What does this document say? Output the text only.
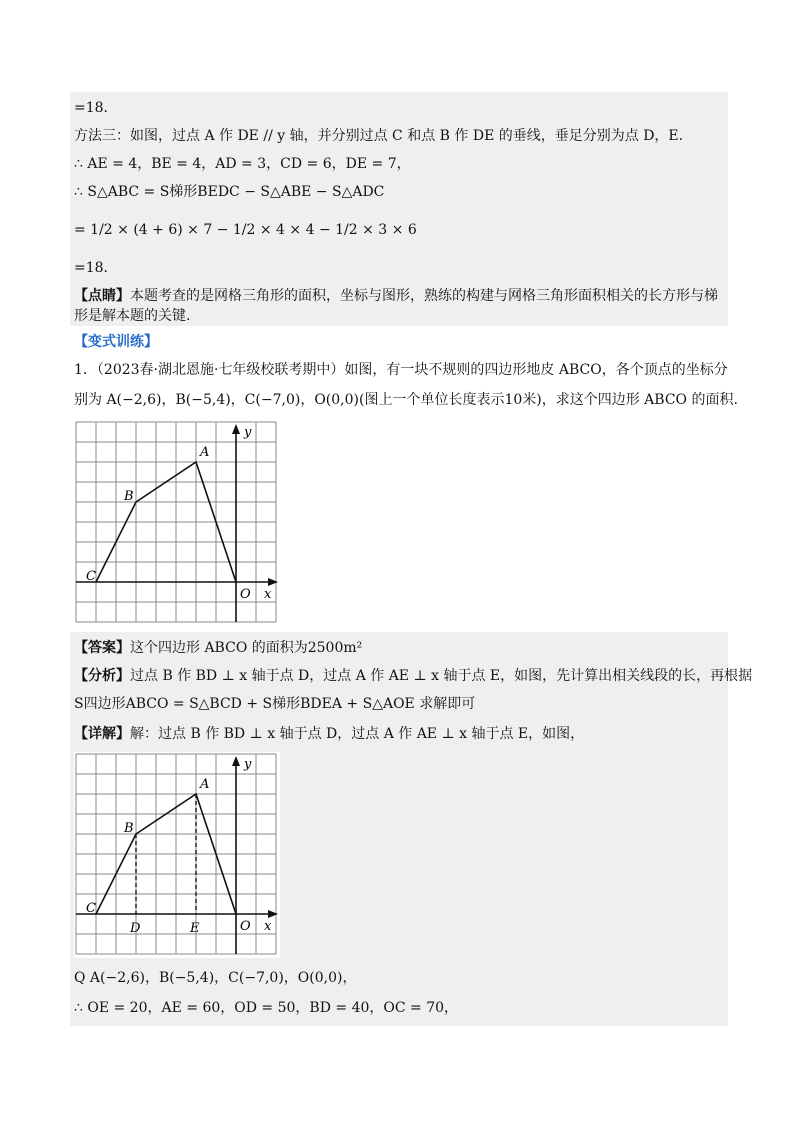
=18．
方法三：如图，过点 A 作 DE // y 轴，并分别过点 C 和点 B 作 DE 的垂线，垂足分别为点 D，E．
∴ AE = 4，BE = 4，AD = 3，CD = 6，DE = 7，
∴ S△ABC = S梯形BEDC − S△ABE − S△ADC
= 1/2 × (4 + 6) × 7 − 1/2 × 4 × 4 − 1/2 × 3 × 6
=18．
【点睛】本题考查的是网格三角形的面积，坐标与图形，熟练的构建与网格三角形面积相关的长方形与梯
形是解本题的关键.
【变式训练】
1．（2023春·湖北恩施·七年级校联考期中）如图，有一块不规则的四边形地皮 ABCO，各个顶点的坐标分
别为 A(−2,6)，B(−5,4)，C(−7,0)，O(0,0)(图上一个单位长度表示10米)，求这个四边形 ABCO 的面积.
A
B
C
O x
y
【答案】这个四边形 ABCO 的面积为2500m²
【分析】过点 B 作 BD ⊥ x 轴于点 D，过点 A 作 AE ⊥ x 轴于点 E，如图，先计算出相关线段的长，再根据
S四边形ABCO = S△BCD + S梯形BDEA + S△AOE 求解即可
【详解】解：过点 B 作 BD ⊥ x 轴于点 D，过点 A 作 AE ⊥ x 轴于点 E，如图，
A
B
C
D	E	O x
y
Q A(−2,6)，B(−5,4)，C(−7,0)，O(0,0)，
∴ OE = 20，AE = 60，OD = 50，BD = 40，OC = 70，
